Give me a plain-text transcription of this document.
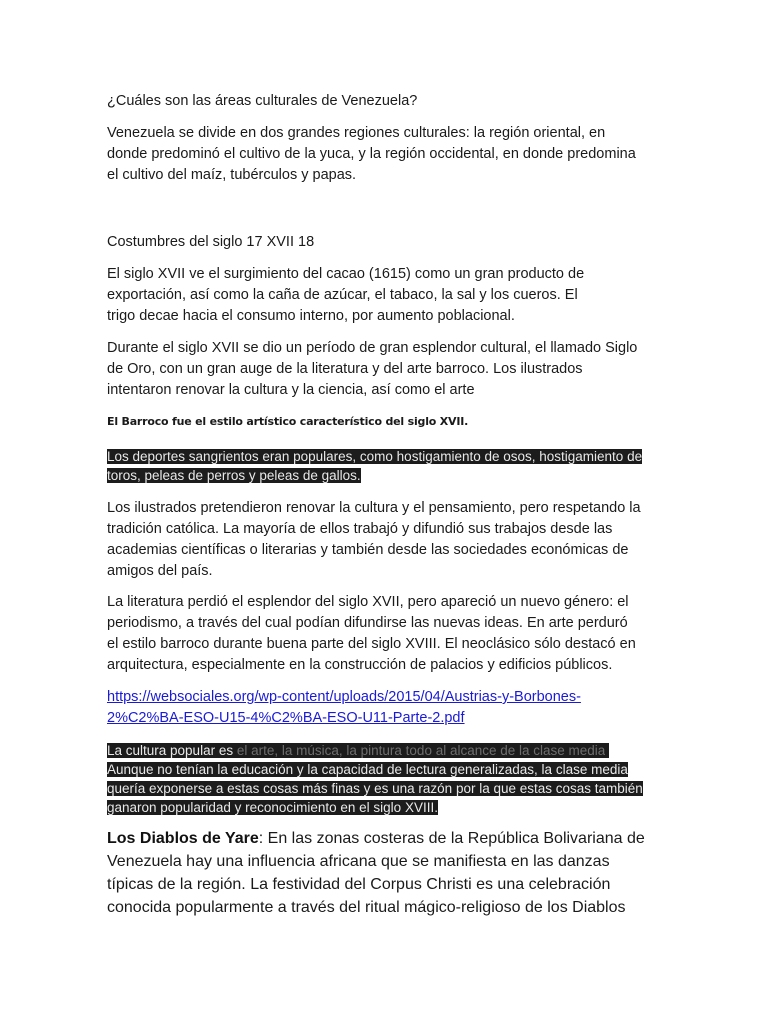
¿Cuáles son las áreas culturales de Venezuela?

Venezuela se divide en dos grandes regiones culturales: la región oriental, en

donde predominó el cultivo de la yuca, y la región occidental, en donde predomina

el cultivo del maíz, tubérculos y papas.

Costumbres del siglo 17 XVII 18

El siglo XVII ve el surgimiento del cacao (1615) como un gran producto de

exportación, así como la caña de azúcar, el tabaco, la sal y los cueros. El

trigo decae hacia el consumo interno, por aumento poblacional.

Durante el siglo XVII se dio un período de gran esplendor cultural, el llamado Siglo

de Oro, con un gran auge de la literatura y del arte barroco. Los ilustrados

intentaron renovar la cultura y la ciencia, así como el arte

El Barroco fue el estilo artístico característico del siglo XVII.

Los deportes sangrientos eran populares, como hostigamiento de osos, hostigamiento de

toros, peleas de perros y peleas de gallos.

Los ilustrados pretendieron renovar la cultura y el pensamiento, pero respetando la

tradición católica. La mayoría de ellos trabajó y difundió sus trabajos desde las

academias científicas o literarias y también desde las sociedades económicas de

amigos del país.

La literatura perdió el esplendor del siglo XVII, pero apareció un nuevo género: el

periodismo, a través del cual podían difundirse las nuevas ideas. En arte perduró

el estilo barroco durante buena parte del siglo XVIII. El neoclásico sólo destacó en

arquitectura, especialmente en la construcción de palacios y edificios públicos.

https://websociales.org/wp-content/uploads/2015/04/Austrias-y-Borbones-

2%C2%BA-ESO-U15-4%C2%BA-ESO-U11-Parte-2.pdf

La cultura popular es el arte, la música, la pintura todo al alcance de la clase media

Aunque no tenían la educación y la capacidad de lectura generalizadas, la clase media

quería exponerse a estas cosas más finas y es una razón por la que estas cosas también

ganaron popularidad y reconocimiento en el siglo XVIII.

Los Diablos de Yare: En las zonas costeras de la República Bolivariana de

Venezuela hay una influencia africana que se manifiesta en las danzas

típicas de la región. La festividad del Corpus Christi es una celebración

conocida popularmente a través del ritual mágico-religioso de los Diablos
